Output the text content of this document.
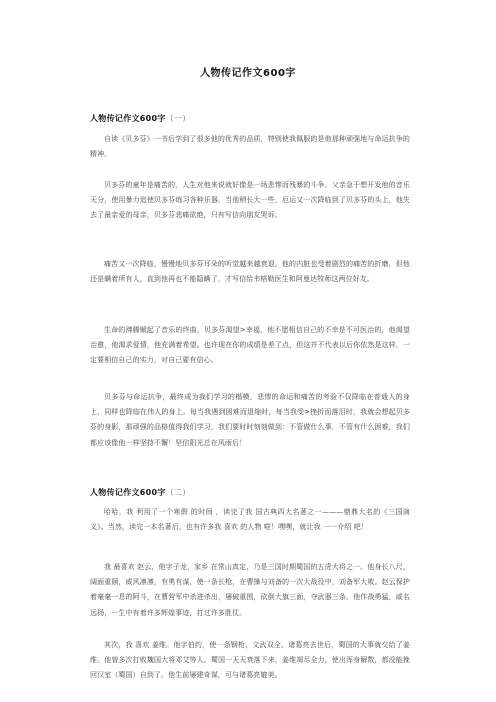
人物传记作文600字
人物传记作文600字（一）

自读《贝多芬》一书后学到了很多他的优秀的品质，特别使我佩服的是他那种顽强地与命运抗争的精神。

贝多芬的童年是痛苦的，人生对他来说就好像是一场悲惨而残暴的斗争。父亲急于想开发他的音乐天分，使用暴力追使贝多芬练习各种乐器，当他稍长大一些，厄运又一次降临到了贝多芬的头上，他失去了最亲爱的母亲，贝多芬悲痛欲绝，只有写信向朋友哭诉。

痛苦又一次降临，慢慢地贝多芬耳朵的听觉越来越衰退，他的内脏也受着剧烈的痛苦的折磨，但他还是瞒着所有人，直到他再也不能隐瞒了，才写信给韦格勒医生和阿曼达牧师这两位好友。

生命的沸腾赋起了音乐的终曲，贝多芬渴望>幸福，他不愿相信自己的不幸是不可医治的，他渴望治愈，他渴求爱情，他充满着希望。也许现在你的成绩是差了点，但这并不代表以后你依然是这样，一定要相信自己的实力，对自己要有信心。

贝多芬与命运抗争，最终成为我们学习的楷模，悲惨的命运和痛苦的考验不仅降临在普通人的身上，同样也降临在伟人的身上。每当我遇到困难而退缩时，每当我受>挫折而落泪时，我就会想起贝多芬的身影，那顽强的品格值得我们学习，我们要时时刻刻做到：不管做什么事，不管有什么困难，我们都应该像他一样坚持不懈！坚信阳光总在风雨后！

人物传记作文600字（二）

哈哈，我 利用了一个寒假 的时间 ，读完了我 国古典四大名著之一———鼎鼎大名的《三国演义》。当然，读完一本名著后，也有许多我 喜欢 的人物 啦！嘿嘿，就让我 一一介绍 吧！

我 最喜欢 赵云，他字子龙，家乡 在常山真定，乃是三国时期蜀国的五虎大将之一。他身长八尺，阔面重颐，威风凛凛，有勇有谋，使一条长枪，在曹操与刘备的一次大战役中，刘备军大败。赵云保护 着毫毫一息的阿斗，在曹营军中杀进杀出，屡破重围，砍倒大旗三面，夺武器三条。他作战勇猛，威名远扬，一生中有着许多辉煌事迹，打过许多胜仗。

其次，我 喜欢 姜维。他字伯约，使一条钢枪，文武双全。诸葛亮去世后，蜀国的大事就交给了姜维。他曾多次打败魏国大将邓艾等人。蜀国一天天衰落下来，姜维竭尽全力，使出浑身解数，都没能挽回汉室（蜀国）自到了。他生前屡建奇谋，可与诸葛亮媲美。
